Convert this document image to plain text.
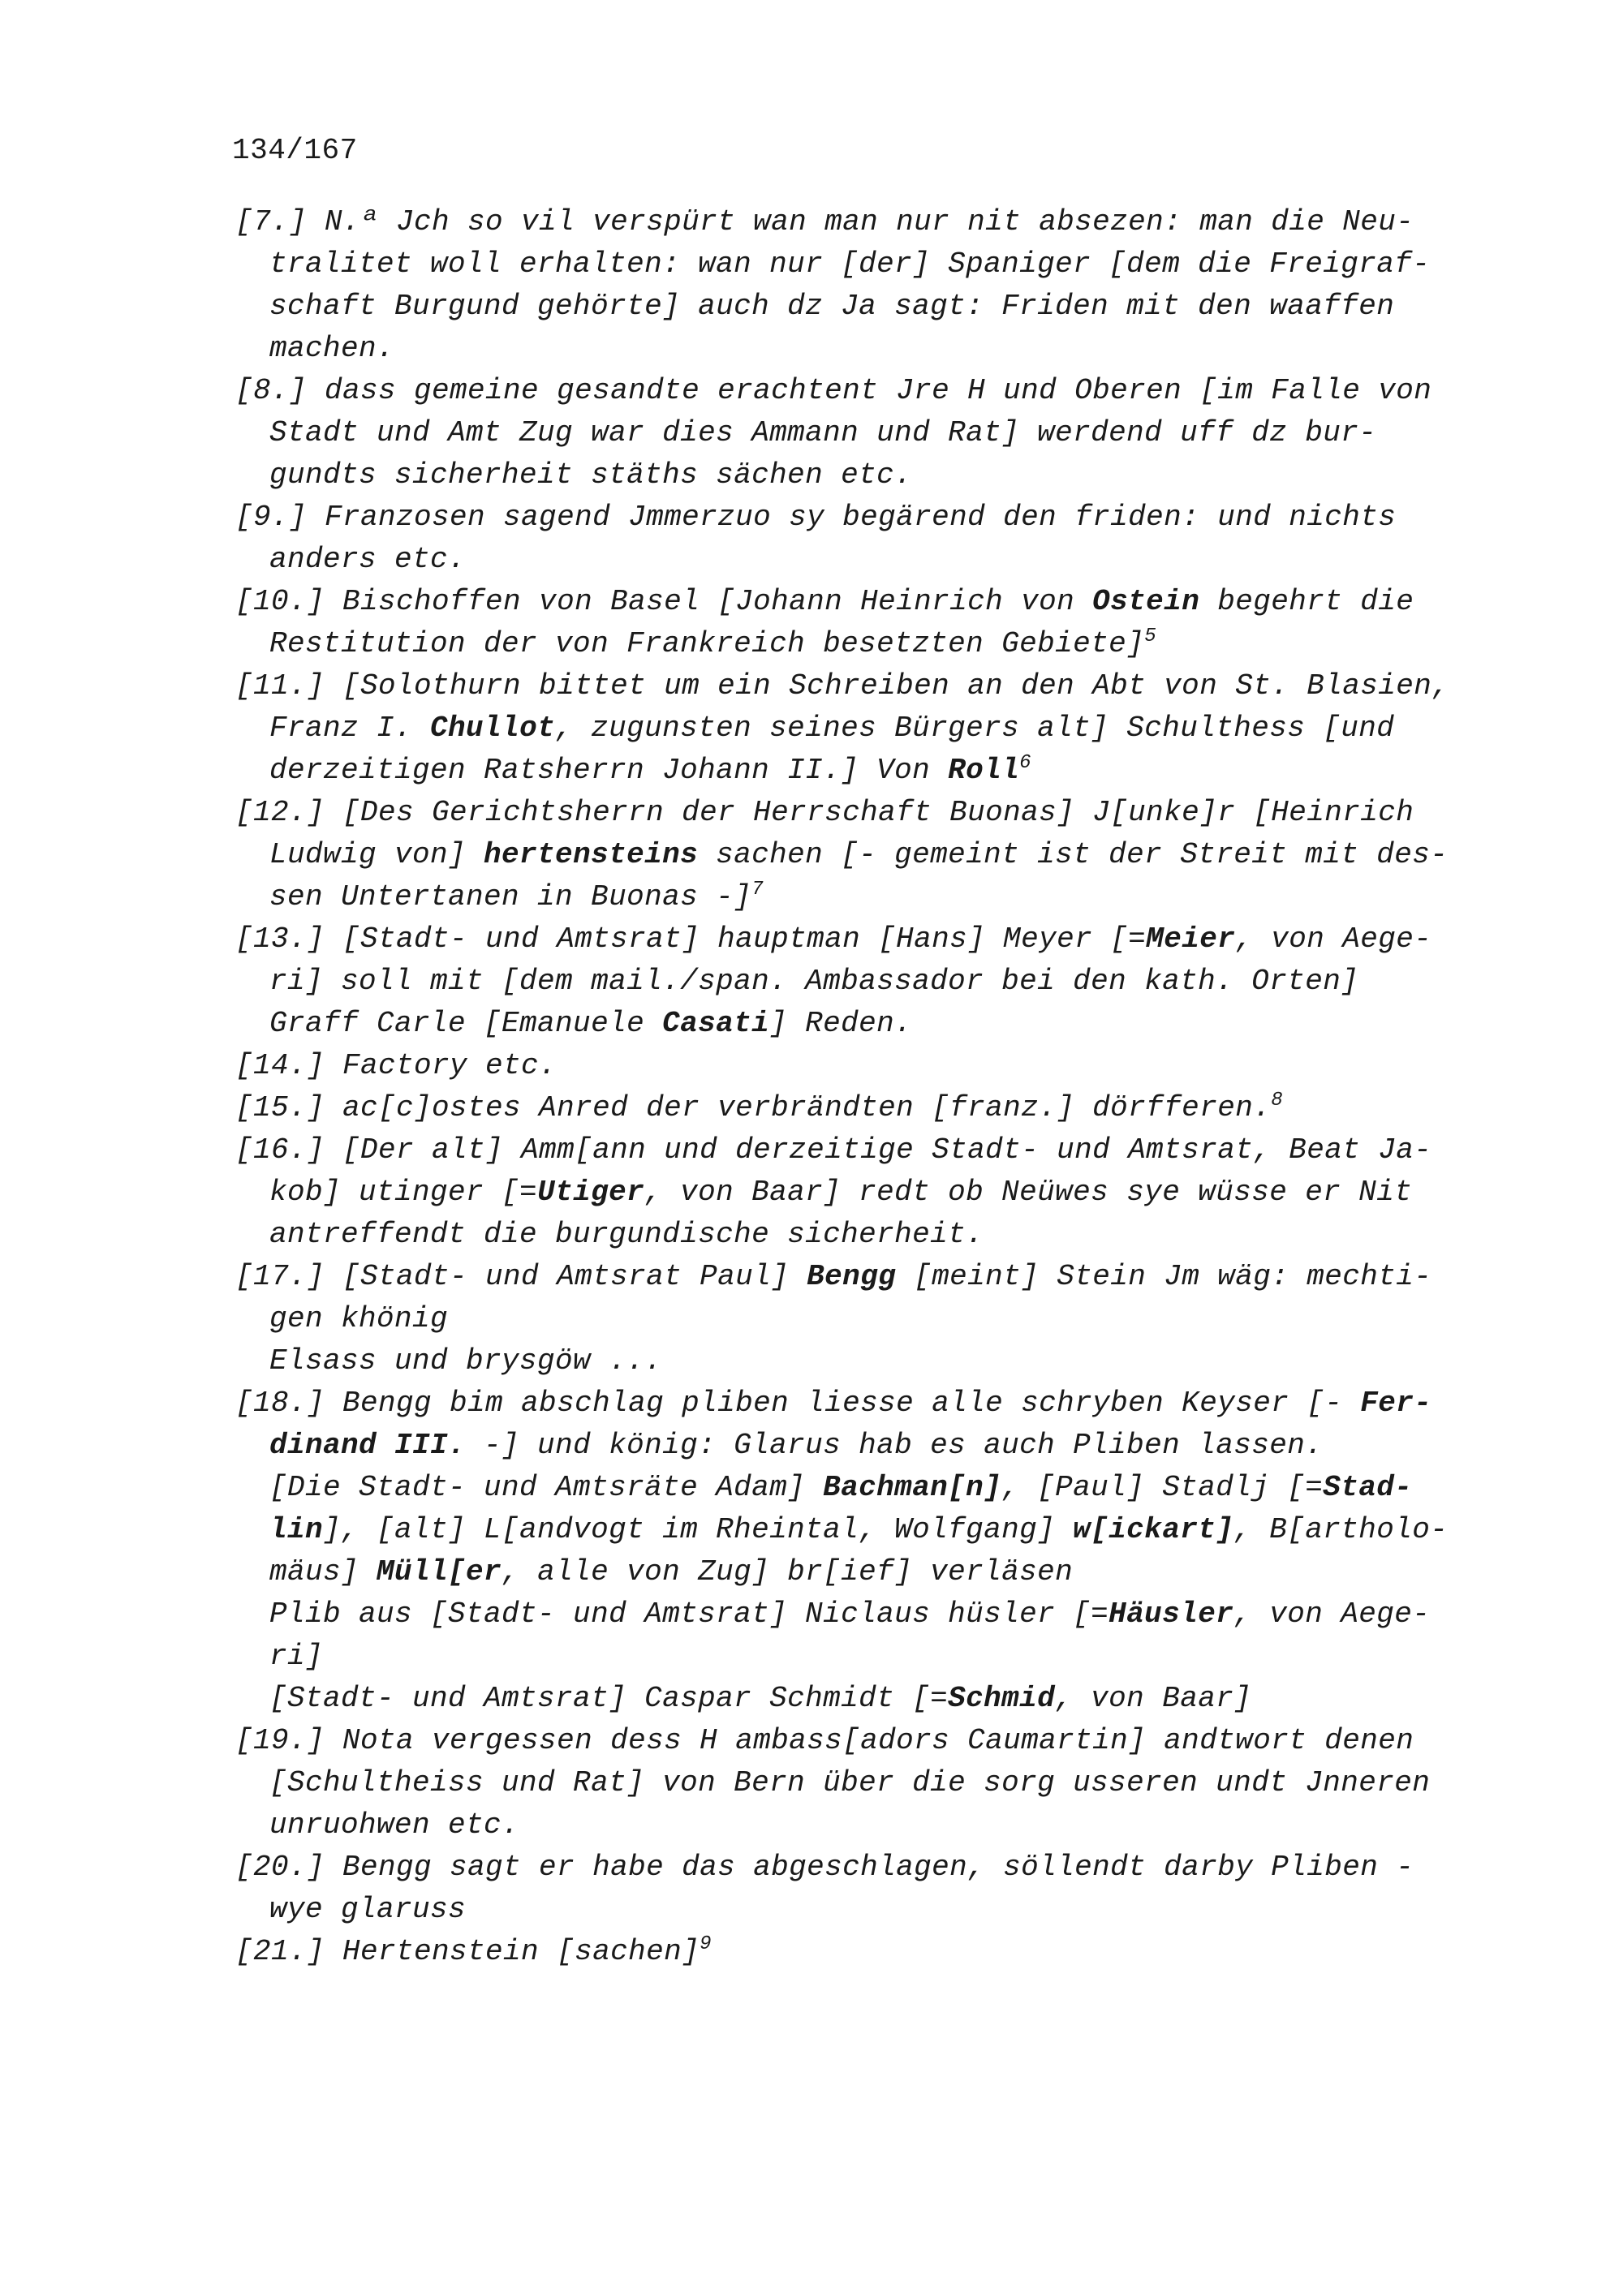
134/167
[7.] N.ª Jch so vil verspürt wan man nur nit absezen: man die Neu-
tralitet woll erhalten: wan nur [der] Spaniger [dem die Freigraf-
schaft Burgund gehörte] auch dz Ja sagt: Friden mit den waaffen
machen.
[8.] dass gemeine gesandte erachtent Jre H und Oberen [im Falle von
Stadt und Amt Zug war dies Ammann und Rat] werdend uff dz bur-
gundts sicherheit stäths sächen etc.
[9.] Franzosen sagend Jmmerzuo sy begärend den friden: und nichts
anders etc.
[10.] Bischoffen von Basel [Johann Heinrich von Ostein begehrt die
Restitution der von Frankreich besetzten Gebiete]$^5$
[11.] [Solothurn bittet um ein Schreiben an den Abt von St. Blasien,
Franz I. Chullot, zugunsten seines Bürgers alt] Schulthess [und
derzeitigen Ratsherrn Johann II.] Von Roll$^6$
[12.] [Des Gerichtsherrn der Herrschaft Buonas] J[unke]r [Heinrich
Ludwig von] hertensteins sachen [- gemeint ist der Streit mit des-
sen Untertanen in Buonas -]$^7$
[13.] [Stadt- und Amtsrat] hauptman [Hans] Meyer [=Meier, von Aege-
ri] soll mit [dem mail./span. Ambassador bei den kath. Orten]
Graff Carle [Emanuele Casati] Reden.
[14.] Factory etc.
[15.] ac[c]ostes Anred der verbrändten [franz.] dörfferen.$^8$
[16.] [Der alt] Amm[ann und derzeitige Stadt- und Amtsrat, Beat Ja-
kob] utinger [=Utiger, von Baar] redt ob Neüwes sye wüsse er Nit
antreffendt die burgundische sicherheit.
[17.] [Stadt- und Amtsrat Paul] Bengg [meint] Stein Jm wäg: mechti-
gen khönig
Elsass und brysgöw ...
[18.] Bengg bim abschlag pliben liesse alle schryben Keyser [- Fer-
dinand III. -] und könig: Glarus hab es auch Pliben lassen.
[Die Stadt- und Amtsräte Adam] Bachman[n], [Paul] Stadlj [=Stad-
lin], [alt] L[andvogt im Rheintal, Wolfgang] w[ickart], B[artholo-
mäus] Müll[er, alle von Zug] br[ief] verläsen
Plib aus [Stadt- und Amtsrat] Niclaus hüsler [=Häusler, von Aege-
ri]
[Stadt- und Amtsrat] Caspar Schmidt [=Schmid, von Baar]
[19.] Nota vergessen dess H ambass[adors Caumartin] andtwort denen
[Schultheiss und Rat] von Bern über die sorg usseren undt Jnneren
unruohwen etc.
[20.] Bengg sagt er habe das abgeschlagen, söllendt darby Pliben -
wye glaruss
[21.] Hertenstein [sachen]$^9$
